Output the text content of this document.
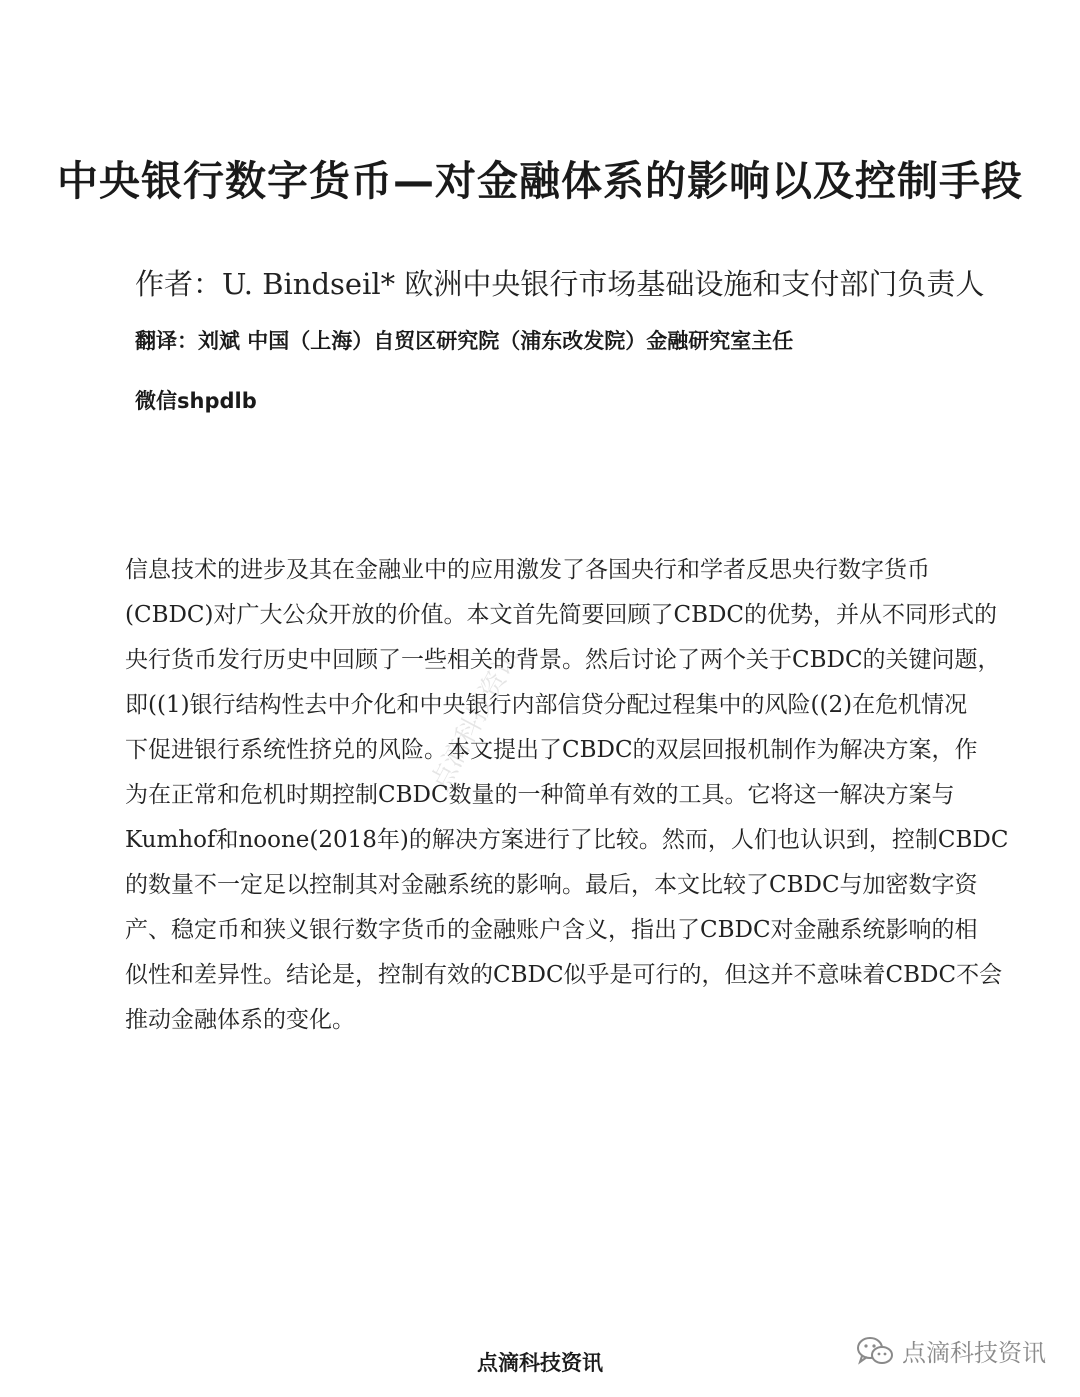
中央银行数字货币—对金融体系的影响以及控制手段
作者：U. Bindseil* 欧洲中央银行市场基础设施和支付部门负责人
翻译：刘斌 中国（上海）自贸区研究院（浦东改发院）金融研究室主任
微信shpdlb
点滴科技资讯
信息技术的进步及其在金融业中的应用激发了各国央行和学者反思央行数字货币
(CBDC)对广大公众开放的价值。本文首先简要回顾了CBDC的优势，并从不同形式的
央行货币发行历史中回顾了一些相关的背景。然后讨论了两个关于CBDC的关键问题，
即((1)银行结构性去中介化和中央银行内部信贷分配过程集中的风险((2)在危机情况
下促进银行系统性挤兑的风险。本文提出了CBDC的双层回报机制作为解决方案，作
为在正常和危机时期控制CBDC数量的一种简单有效的工具。它将这一解决方案与
Kumhof和noone(2018年)的解决方案进行了比较。然而，人们也认识到，控制CBDC
的数量不一定足以控制其对金融系统的影响。最后，本文比较了CBDC与加密数字资
产、稳定币和狭义银行数字货币的金融账户含义，指出了CBDC对金融系统影响的相
似性和差异性。结论是，控制有效的CBDC似乎是可行的，但这并不意味着CBDC不会
推动金融体系的变化。
点滴科技资讯	点滴科技资讯
